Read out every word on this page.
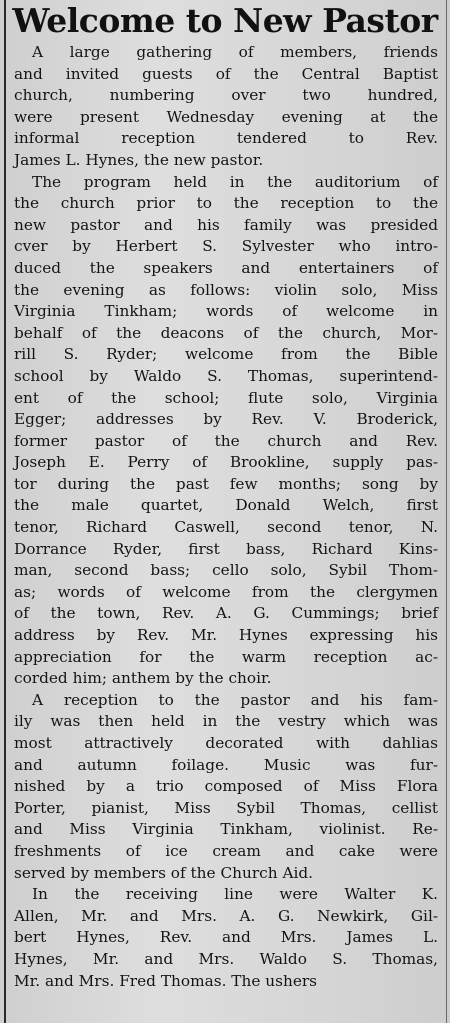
Welcome to New Pastor
A large gathering of members, friends
and invited guests of the Central Baptist
church, numbering over two hundred,
were present Wednesday evening at the
informal reception tendered to Rev.
James L. Hynes, the new pastor.
The program held in the auditorium of
the church prior to the reception to the
new pastor and his family was presided
cver by Herbert S. Sylvester who intro-
duced the speakers and entertainers of
the evening as follows: violin solo, Miss
Virginia Tinkham; words of welcome in
behalf of the deacons of the church, Mor-
rill S. Ryder; welcome from the Bible
school by Waldo S. Thomas, superintend-
ent of the school; flute solo, Virginia
Egger; addresses by Rev. V. Broderick,
former pastor of the church and Rev.
Joseph E. Perry of Brookline, supply pas-
tor during the past few months; song by
the male quartet, Donald Welch, first
tenor, Richard Caswell, second tenor, N.
Dorrance Ryder, first bass, Richard Kins-
man, second bass; cello solo, Sybil Thom-
as; words of welcome from the clergymen
of the town, Rev. A. G. Cummings; brief
address by Rev. Mr. Hynes expressing his
appreciation for the warm reception ac-
corded him; anthem by the choir.
A reception to the pastor and his fam-
ily was then held in the vestry which was
most attractively decorated with dahlias
and autumn foilage. Music was fur-
nished by a trio composed of Miss Flora
Porter, pianist, Miss Sybil Thomas, cellist
and Miss Virginia Tinkham, violinist. Re-
freshments of ice cream and cake were
served by members of the Church Aid.
In the receiving line were Walter K.
Allen, Mr. and Mrs. A. G. Newkirk, Gil-
bert Hynes, Rev. and Mrs. James L.
Hynes, Mr. and Mrs. Waldo S. Thomas,
Mr. and Mrs. Fred Thomas. The ushers
